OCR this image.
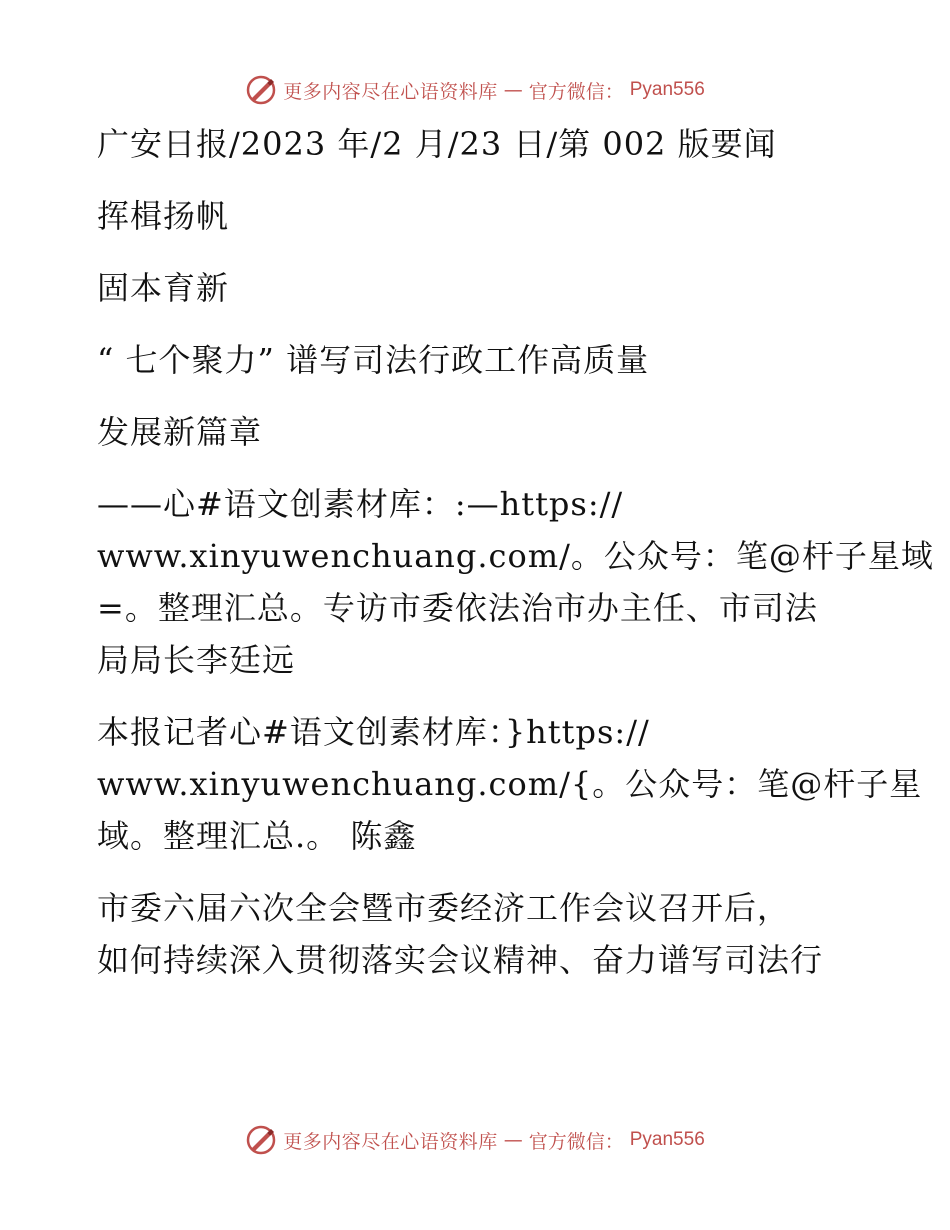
更多内容尽在心语资料库 — 官方微信： Pyan556
广安日报/2023 年/2 月/23 日/第 002 版要闻
挥楫扬帆
固本育新
“ 七个聚力” 谱写司法行政工作高质量
发展新篇章
——心#语文创素材库：:—https://
www.xinyuwenchuang.com/。公众号：笔@杆子星域
=。整理汇总。专访市委依法治市办主任、市司法
局局长李廷远
本报记者心#语文创素材库：}https://
www.xinyuwenchuang.com/{。公众号：笔@杆子星
域。整理汇总.。 陈鑫
市委六届六次全会暨市委经济工作会议召开后，
如何持续深入贯彻落实会议精神、奋力谱写司法行
更多内容尽在心语资料库 — 官方微信： Pyan556
